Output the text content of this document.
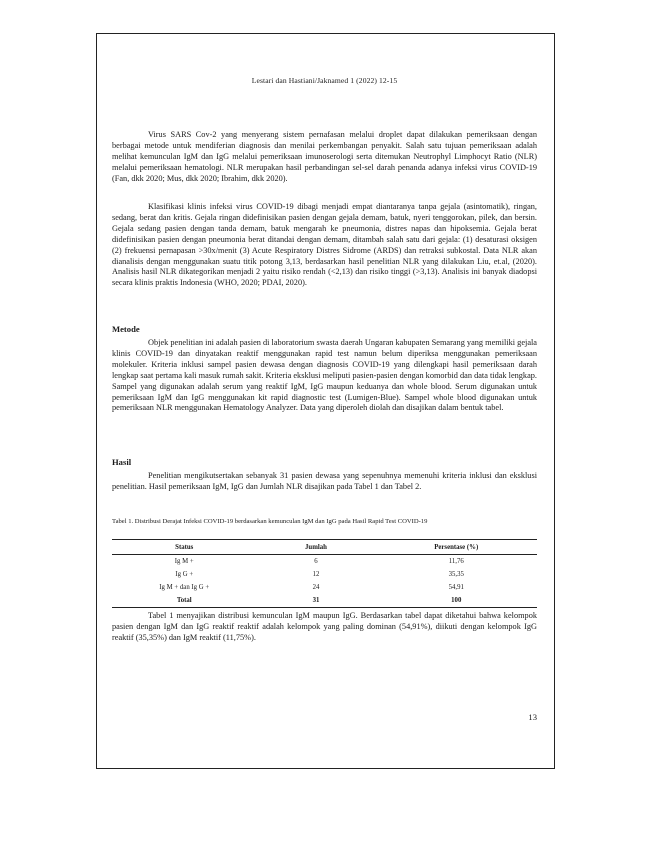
Lestari dan Hastiani/Jaknamed 1 (2022) 12-15

Virus SARS Cov-2 yang menyerang sistem pernafasan melalui droplet dapat dilakukan pemeriksaan dengan berbagai metode untuk mendiferian diagnosis dan menilai perkembangan penyakit. Salah satu tujuan pemeriksaan adalah melihat kemunculan IgM dan IgG melalui pemeriksaan imunoserologi serta ditemukan Neutrophyl Limphocyt Ratio (NLR) melalui pemeriksaan hematologi. NLR merupakan hasil perbandingan sel-sel darah penanda adanya infeksi virus COVID-19 (Fan, dkk 2020; Mus, dkk 2020; Ibrahim, dkk 2020).

Klasifikasi klinis infeksi virus COVID-19 dibagi menjadi empat diantaranya tanpa gejala (asintomatik), ringan, sedang, berat dan kritis. Gejala ringan didefinisikan pasien dengan gejala demam, batuk, nyeri tenggorokan, pilek, dan bersin. Gejala sedang pasien dengan tanda demam, batuk mengarah ke pneumonia, distres napas dan hipoksemia. Gejala berat didefinisikan pasien dengan pneumonia berat ditandai dengan demam, ditambah salah satu dari gejala: (1) desaturasi oksigen (2) frekuensi pernapasan >30x/menit (3) Acute Respiratory Distres Sidrome (ARDS) dan retraksi subkostal. Data NLR akan dianalisis dengan menggunakan suatu titik potong 3,13, berdasarkan hasil penelitian NLR yang dilakukan Liu, et.al, (2020). Analisis hasil NLR dikategorikan menjadi 2 yaitu risiko rendah (<2,13) dan risiko tinggi (>3,13). Analisis ini banyak diadopsi secara klinis praktis Indonesia (WHO, 2020; PDAI, 2020).

Metode

Objek penelitian ini adalah pasien di laboratorium swasta daerah Ungaran kabupaten Semarang yang memiliki gejala klinis COVID-19 dan dinyatakan reaktif menggunakan rapid test namun belum diperiksa menggunakan pemeriksaan molekuler. Kriteria inklusi sampel pasien dewasa dengan diagnosis COVID-19 yang dilengkapi hasil pemeriksaan darah lengkap saat pertama kali masuk rumah sakit. Kriteria eksklusi meliputi pasien-pasien dengan komorbid dan data tidak lengkap. Sampel yang digunakan adalah serum yang reaktif IgM, IgG maupun keduanya dan whole blood. Serum digunakan untuk pemeriksaan IgM dan IgG menggunakan kit rapid diagnostic test (Lumigen-Blue). Sampel whole blood digunakan untuk pemeriksaan NLR menggunakan Hematology Analyzer. Data yang diperoleh diolah dan disajikan dalam bentuk tabel.

Hasil

Penelitian mengikutsertakan sebanyak 31 pasien dewasa yang sepenuhnya memenuhi kriteria inklusi dan eksklusi penelitian. Hasil pemeriksaan IgM, IgG dan Jumlah NLR disajikan pada Tabel 1 dan Tabel 2.

Tabel 1. Distribusi Derajat Infeksi COVID-19 berdasarkan kemunculan IgM dan IgG pada Hasil Rapid Test COVID-19

Status	Jumlah	Persentase (%)
Ig M +	6	11,76
Ig G +	12	35,35
Ig M + dan Ig G +	24	54,91
Total	31	100

Tabel 1 menyajikan distribusi kemunculan IgM maupun IgG. Berdasarkan tabel dapat diketahui bahwa kelompok pasien dengan IgM dan IgG reaktif reaktif adalah kelompok yang paling dominan (54,91%), diikuti dengan kelompok IgG reaktif (35,35%) dan IgM reaktif (11,75%).

13
